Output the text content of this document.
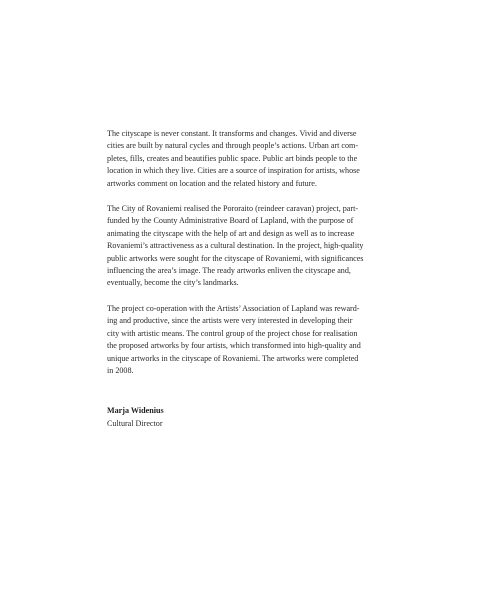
The cityscape is never constant. It transforms and changes. Vivid and diverse
cities are built by natural cycles and through people’s actions. Urban art com-
pletes, fills, creates and beautifies public space. Public art binds people to the
location in which they live. Cities are a source of inspiration for artists, whose
artworks comment on location and the related history and future.
The City of Rovaniemi realised the Pororaito (reindeer caravan) project, part-
funded by the County Administrative Board of Lapland, with the purpose of
animating the cityscape with the help of art and design as well as to increase
Rovaniemi’s attractiveness as a cultural destination. In the project, high-quality
public artworks were sought for the cityscape of Rovaniemi, with significances
influencing the area’s image. The ready artworks enliven the cityscape and,
eventually, become the city’s landmarks.
The project co-operation with the Artists’ Association of Lapland was reward-
ing and productive, since the artists were very interested in developing their
city with artistic means. The control group of the project chose for realisation
the proposed artworks by four artists, which transformed into high-quality and
unique artworks in the cityscape of Rovaniemi. The artworks were completed
in 2008.
Marja Widenius
Cultural Director
